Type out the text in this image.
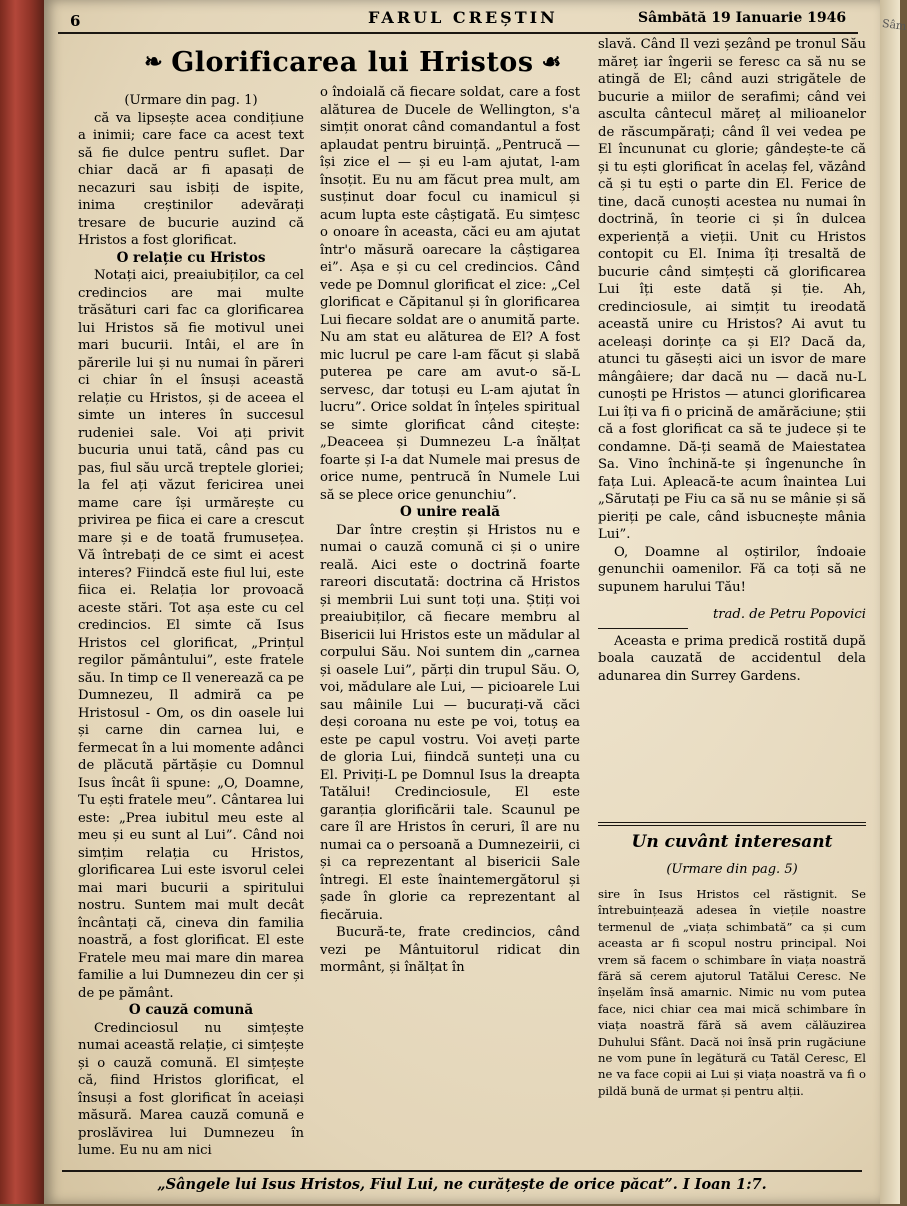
Sâm
6	FARUL CREȘTIN	Sâmbătă 19 Ianuarie 1946
❧ Glorificarea lui Hristos ☙

(Urmare din pag. 1)

că va lipsește acea condițiune a inimii; care face ca acest text să fie dulce pentru suflet. Dar chiar dacă ar fi apasați de necazuri sau isbiți de ispite, inima creștinilor adevărați tresare de bucurie auzind că Hristos a fost glorificat.

O relație cu Hristos

Notați aici, preaiubiților, ca cel credincios are mai multe trăsături cari fac ca glorificarea lui Hristos să fie motivul unei mari bucurii. Intâi, el are în părerile lui și nu numai în păreri ci chiar în el însuși această relație cu Hristos, și de aceea el simte un interes în succesul rudeniei sale. Voi ați privit bucuria unui tată, când pas cu pas, fiul său urcă treptele gloriei; la fel ați văzut fericirea unei mame care își urmărește cu privirea pe fiica ei care a crescut mare și e de toată frumusețea. Vă întrebați de ce simt ei acest interes? Fiindcă este fiul lui, este fiica ei. Relația lor provoacă aceste stări. Tot așa este cu cel credincios. El simte că Isus Hristos cel glorificat, „Prințul regilor pământului”, este fratele său. In timp ce Il venerează ca pe Dumnezeu, Il admiră ca pe Hristosul - Om, os din oasele lui și carne din carnea lui, e fermecat în a lui momente adânci de plăcută părtășie cu Domnul Isus încât îi spune: „O, Doamne, Tu ești fratele meu”. Cântarea lui este: „Prea iubitul meu este al meu și eu sunt al Lui”. Când noi simțim relația cu Hristos, glorificarea Lui este isvorul celei mai mari bucurii a spiritului nostru. Suntem mai mult decât încântați că, cineva din familia noastră, a fost glorificat. El este Fratele meu mai mare din marea familie a lui Dumnezeu din cer și de pe pământ.

O cauză comună

Credinciosul nu simțește numai această relație, ci simțește și o cauză comună. El simțește că, fiind Hristos glorificat, el însuși a fost glorificat în aceiași măsură. Marea cauză comună e proslăvirea lui Dumnezeu în lume. Eu nu am nici

o îndoială că fiecare soldat, care a fost alăturea de Ducele de Wellington, s'a simțit onorat când comandantul a fost aplaudat pentru biruință. „Pentrucă — își zice el — și eu l-am ajutat, l-am însoțit. Eu nu am făcut prea mult, am susținut doar focul cu inamicul și acum lupta este câștigată. Eu simțesc o onoare în aceasta, căci eu am ajutat într'o măsură oarecare la câștigarea ei”. Așa e și cu cel credincios. Când vede pe Domnul glorificat el zice: „Cel glorificat e Căpitanul și în glorificarea Lui fiecare soldat are o anumită parte. Nu am stat eu alăturea de El? A fost mic lucrul pe care l-am făcut și slabă puterea pe care am avut-o să-L servesc, dar totuși eu L-am ajutat în lucru”. Orice soldat în înțeles spiritual se simte glorificat când citește: „Deaceea și Dumnezeu L-a înălțat foarte și I-a dat Numele mai presus de orice nume, pentrucă în Numele Lui să se plece orice genunchiu”.

O unire reală

Dar între creștin și Hristos nu e numai o cauză comună ci și o unire reală. Aici este o doctrină foarte rareori discutată: doctrina că Hristos și membrii Lui sunt toți una. Știți voi preaiubiților, că fiecare membru al Bisericii lui Hristos este un mădular al corpului Său. Noi suntem din „carnea și oasele Lui”, părți din trupul Său. O, voi, mădulare ale Lui, — picioarele Lui sau mâinile Lui — bucurați-vă căci deși coroana nu este pe voi, totuș ea este pe capul vostru. Voi aveți parte de gloria Lui, fiindcă sunteți una cu El. Priviți-L pe Domnul Isus la dreapta Tatălui! Credinciosule, El este garanția glorificării tale. Scaunul pe care îl are Hristos în ceruri, îl are nu numai ca o persoană a Dumnezeirii, ci și ca reprezentant al bisericii Sale întregi. El este înaintemergătorul și șade în glorie ca reprezentant al fiecăruia.

Bucură-te, frate credincios, când vezi pe Mântuitorul ridicat din mormânt, și înălțat în

slavă. Când Il vezi șezând pe tronul Său măreț iar îngerii se feresc ca să nu se atingă de El; când auzi strigătele de bucurie a miilor de serafimi; când vei asculta cântecul măreț al milioanelor de răscumpărați; când îl vei vedea pe El încununat cu glorie; gândește-te că și tu ești glorificat în acelaș fel, văzând că și tu ești o parte din El. Ferice de tine, dacă cunoști acestea nu numai în doctrină, în teorie ci și în dulcea experiență a vieții. Unit cu Hristos contopit cu El. Inima îți tresaltă de bucurie când simțești că glorificarea Lui îți este dată și ție. Ah, credinciosule, ai simțit tu ireodată această unire cu Hristos? Ai avut tu aceleași dorințe ca și El? Dacă da, atunci tu găsești aici un isvor de mare mângâiere; dar dacă nu — dacă nu-L cunoști pe Hristos — atunci glorificarea Lui îți va fi o pricină de amărăciune; știi că a fost glorificat ca să te judece și te condamne. Dă-ți seamă de Maiestatea Sa. Vino închină-te și îngenunche în fața Lui. Apleacă-te acum înaintea Lui „Sărutați pe Fiu ca să nu se mânie și să pieriți pe cale, când isbucnește mânia Lui”.

O, Doamne al oștirilor, îndoaie genunchii oamenilor. Fă ca toți să ne supunem harului Tău!

trad. de Petru Popovici

Aceasta e prima predică rostită după boala cauzată de accidentul dela adunarea din Surrey Gardens.

Un cuvânt interesant
(Urmare din pag. 5)

sire în Isus Hristos cel răstignit. Se întrebuințează adesea în viețile noastre termenul de „viața schimbată” ca și cum aceasta ar fi scopul nostru principal. Noi vrem să facem o schimbare în viața noastră fără să cerem ajutorul Tatălui Ceresc. Ne înșelăm însă amarnic. Nimic nu vom putea face, nici chiar cea mai mică schimbare în viața noastră fără să avem călăuzirea Duhului Sfânt. Dacă noi însă prin rugăciune ne vom pune în legătură cu Tatăl Ceresc, El ne va face copii ai Lui și viața noastră va fi o pildă bună de urmat și pentru alții.

„Sângele lui Isus Hristos, Fiul Lui, ne curățește de orice păcat”. I Ioan 1:7.
